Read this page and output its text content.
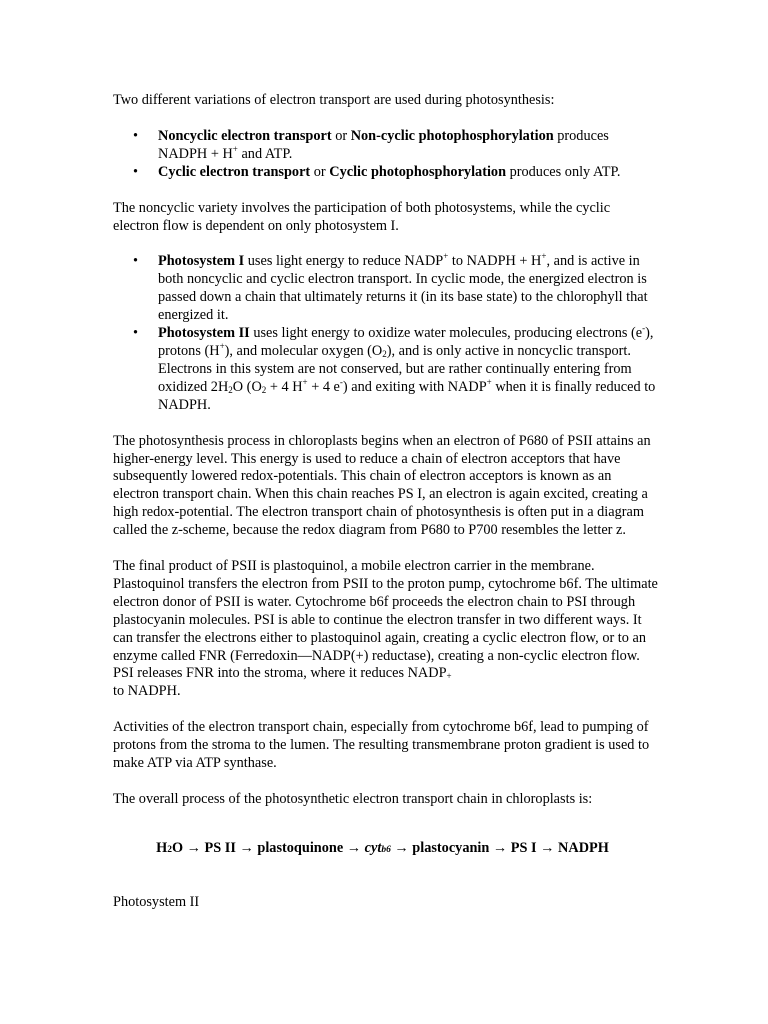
Two different variations of electron transport are used during photosynthesis:

•
Noncyclic electron transport or Non-cyclic photophosphorylation produces NADPH + H+ and ATP.
•
Cyclic electron transport or Cyclic photophosphorylation produces only ATP.

The noncyclic variety involves the participation of both photosystems, while the cyclic electron flow is dependent on only photosystem I.

•
Photosystem I uses light energy to reduce NADP+ to NADPH + H+, and is active in both noncyclic and cyclic electron transport. In cyclic mode, the energized electron is passed down a chain that ultimately returns it (in its base state) to the chlorophyll that energized it.
•
Photosystem II uses light energy to oxidize water molecules, producing electrons (e-), protons (H+), and molecular oxygen $(O_2)$, and is only active in noncyclic transport. Electrons in this system are not conserved, but are rather continually entering from oxidized $2H_2O$ ($O_2 + 4$ H+ + 4 e-) and exiting with NADP+ when it is finally reduced to NADPH.

The photosynthesis process in chloroplasts begins when an electron of P680 of PSII attains an higher-energy level. This energy is used to reduce a chain of electron acceptors that have subsequently lowered redox-potentials. This chain of electron acceptors is known as an electron transport chain. When this chain reaches PS I, an electron is again excited, creating a high redox-potential. The electron transport chain of photosynthesis is often put in a diagram called the z-scheme, because the redox diagram from P680 to P700 resembles the letter z.

The final product of PSII is plastoquinol, a mobile electron carrier in the membrane. Plastoquinol transfers the electron from PSII to the proton pump, cytochrome b6f. The ultimate electron donor of PSII is water. Cytochrome b6f proceeds the electron chain to PSI through plastocyanin molecules. PSI is able to continue the electron transfer in two different ways. It can transfer the electrons either to plastoquinol again, creating a cyclic electron flow, or to an enzyme called FNR (Ferredoxin—NADP(+) reductase), creating a non-cyclic electron flow. PSI releases FNR into the stroma, where it reduces $NADP_+$
to NADPH.

Activities of the electron transport chain, especially from cytochrome b6f, lead to pumping of protons from the stroma to the lumen. The resulting transmembrane proton gradient is used to make ATP via ATP synthase.

The overall process of the photosynthetic electron transport chain in chloroplasts is:

H2O → PS II → plastoquinone → cytb6 → plastocyanin → PS I → NADPH

Photosystem II
